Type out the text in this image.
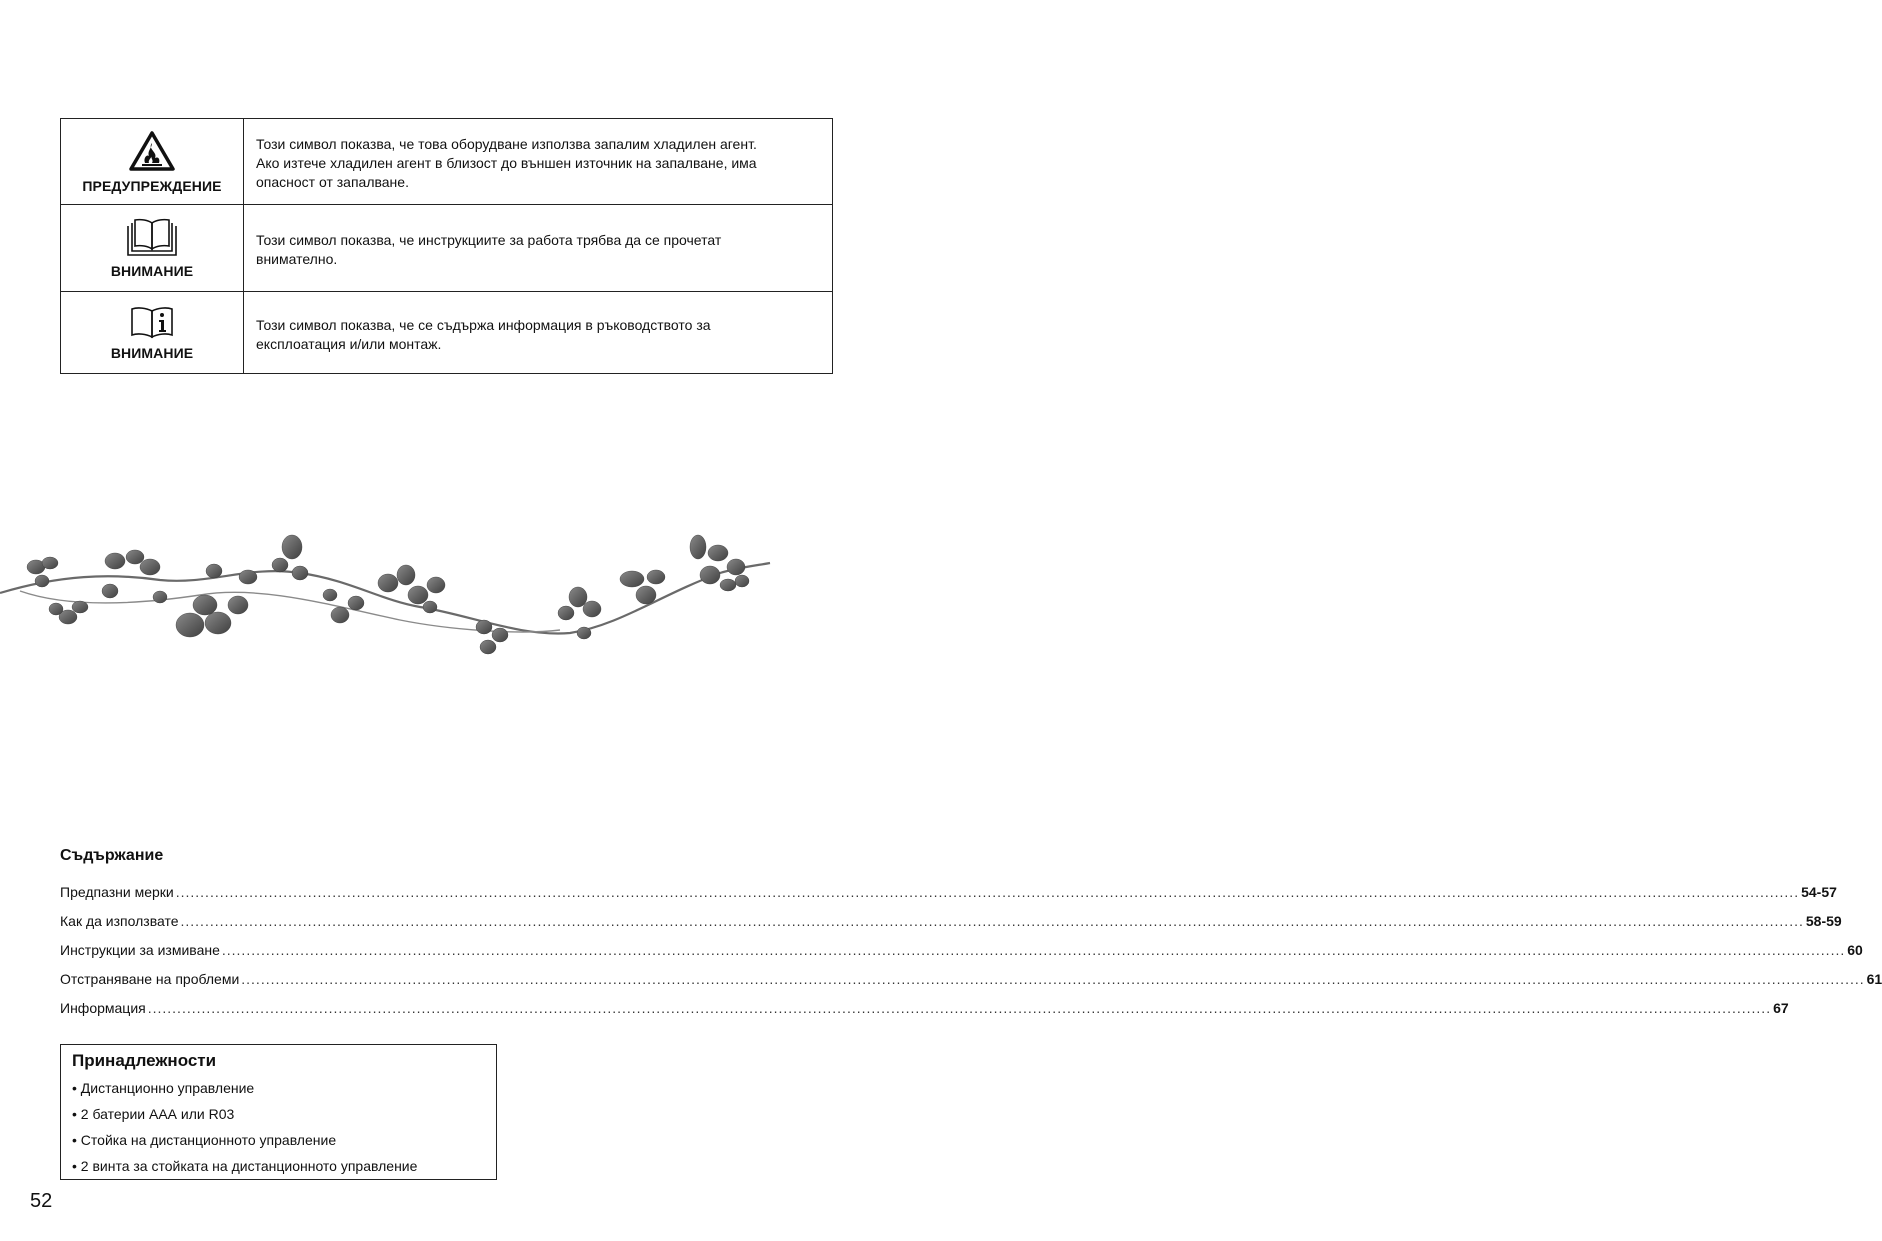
ПРЕДУПРЕЖДЕНИЕ	Този символ показва, че това оборудване използва запалим хладилен агент.
Ако изтече хладилен агент в близост до външен източник на запалване, има
опасност от запалване.

ВНИМАНИЕ	Този символ показва, че инструкциите за работа трябва да се прочетат
внимателно.

ВНИМАНИЕ	Този символ показва, че се съдържа информация в ръководството за
експлоатация и/или монтаж.
Съдържание
Предпазни мерки ............................................................................................................................................................................................................................................................................................................................................ 54-57
Как да използвате ............................................................................................................................................................................................................................................................................................................................................ 58-59
Инструкции за измиване ............................................................................................................................................................................................................................................................................................................................................ 60
Отстраняване на проблеми ............................................................................................................................................................................................................................................................................................................................................ 61
Информация ............................................................................................................................................................................................................................................................................................................................................ 67
Принадлежности
• Дистанционно управление
• 2 батерии ААА или R03
• Стойка на дистанционното управление
• 2 винта за стойката на дистанционното управление
52
